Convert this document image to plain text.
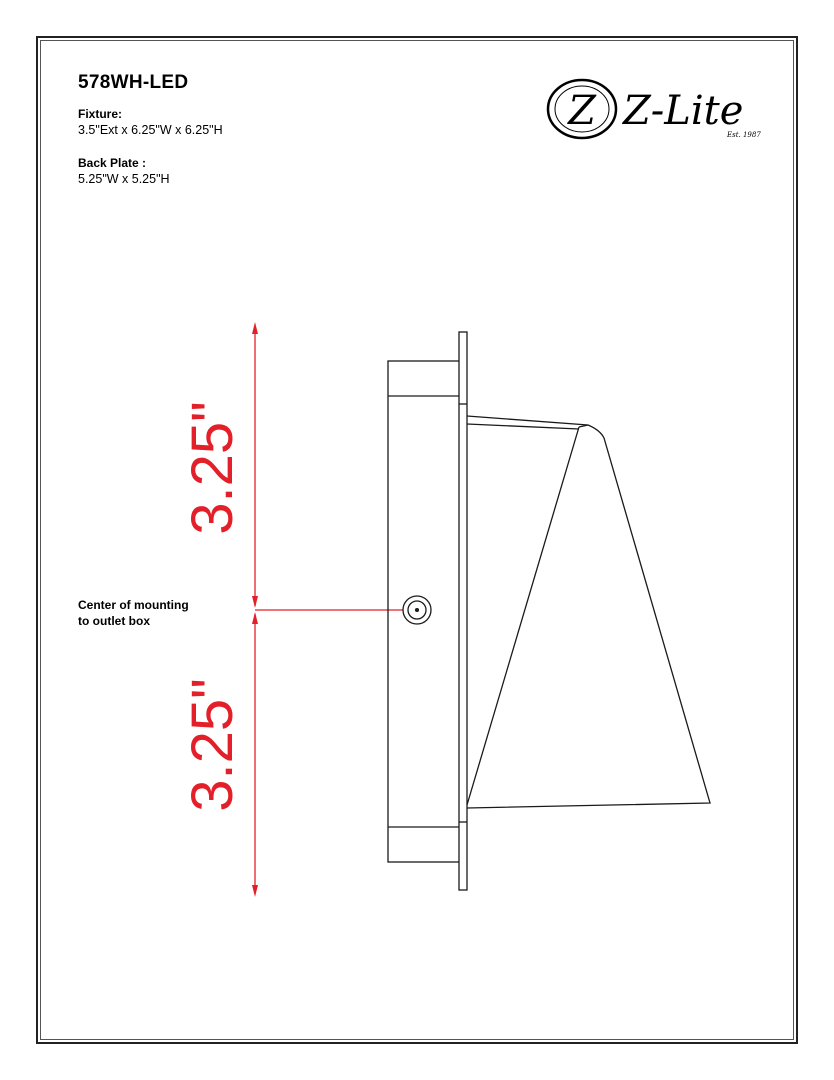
578WH-LED
Fixture:
3.5"Ext x 6.25"W x 6.25"H
Back Plate :
5.25"W x 5.25"H
Center of mounting
to outlet box
Z Z-Lite
Est. 1987
3.25"
3.25"
